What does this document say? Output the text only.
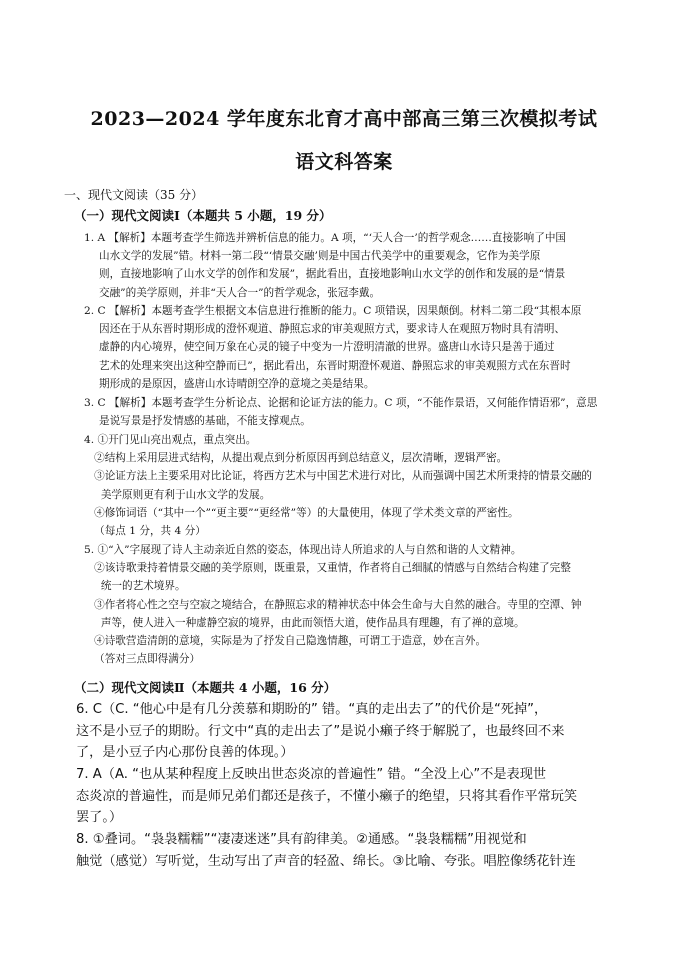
2023—2024 学年度东北育才高中部高三第三次模拟考试
语文科答案
一、现代文阅读（35 分）
（一）现代文阅读Ⅰ（本题共 5 小题，19 分）
1. A 【解析】本题考查学生筛选并辨析信息的能力。A 项，“‘天人合一’的哲学观念……直接影响了中国
山水文学的发展”错。材料一第二段“‘情景交融’则是中国古代美学中的重要观念，它作为美学原
则，直接地影响了山水文学的创作和发展”，据此看出，直接地影响山水文学的创作和发展的是“情景
交融”的美学原则，并非“天人合一”的哲学观念，张冠李戴。
2. C 【解析】本题考查学生根据文本信息进行推断的能力。C 项错误，因果颠倒。材料二第二段“其根本原
因还在于从东晋时期形成的澄怀观道、静照忘求的审美观照方式，要求诗人在观照万物时具有清明、
虚静的内心境界，使空间万象在心灵的镜子中变为一片澄明清澈的世界。盛唐山水诗只是善于通过
艺术的处理来突出这种空静而已”，据此看出，东晋时期澄怀观道、静照忘求的审美观照方式在东晋时
期形成的是原因，盛唐山水诗晴朗空净的意境之美是结果。
3. C 【解析】本题考查学生分析论点、论据和论证方法的能力。C 项，“不能作景语，又何能作情语邪”，意思
是说写景是抒发情感的基础，不能支撑观点。
4. ①开门见山亮出观点，重点突出。
②结构上采用层进式结构，从提出观点到分析原因再到总结意义，层次清晰，逻辑严密。
③论证方法上主要采用对比论证，将西方艺术与中国艺术进行对比，从而强调中国艺术所秉持的情景交融的
美学原则更有利于山水文学的发展。
④修饰词语（“其中一个”“更主要”“更经常”等）的大量使用，体现了学术类文章的严密性。
（每点 1 分，共 4 分）
5. ①“入”字展现了诗人主动亲近自然的姿态，体现出诗人所追求的人与自然和谐的人文精神。
②该诗歌秉持着情景交融的美学原则，既重景，又重情，作者将自己细腻的情感与自然结合构建了完整
统一的艺术境界。
③作者将心性之空与空寂之境结合，在静照忘求的精神状态中体会生命与大自然的融合。寺里的空潭、钟
声等，使人进入一种虚静空寂的境界，由此而领悟大道，使作品具有理趣，有了禅的意境。
④诗歌营造清朗的意境，实际是为了抒发自己隐逸情趣，可谓工于造意，妙在言外。
（答对三点即得满分）
（二）现代文阅读Ⅱ（本题共 4 小题，16 分）
6. C（C. “他心中是有几分羡慕和期盼的” 错。“真的走出去了”的代价是“死掉”，
这不是小豆子的期盼。行文中“真的走出去了”是说小癞子终于解脱了，也最终回不来
了，是小豆子内心那份良善的体现。）
7. A（A. “也从某种程度上反映出世态炎凉的普遍性” 错。“全没上心”不是表现世
态炎凉的普遍性，而是师兄弟们都还是孩子，不懂小癞子的绝望，只将其看作平常玩笑
罢了。）
8. ①叠词。“袅袅糯糯”“凄凄迷迷”具有韵律美。②通感。“袅袅糯糯”用视觉和
触觉（感觉）写听觉，生动写出了声音的轻盈、绵长。③比喻、夸张。唱腔像绣花针连
